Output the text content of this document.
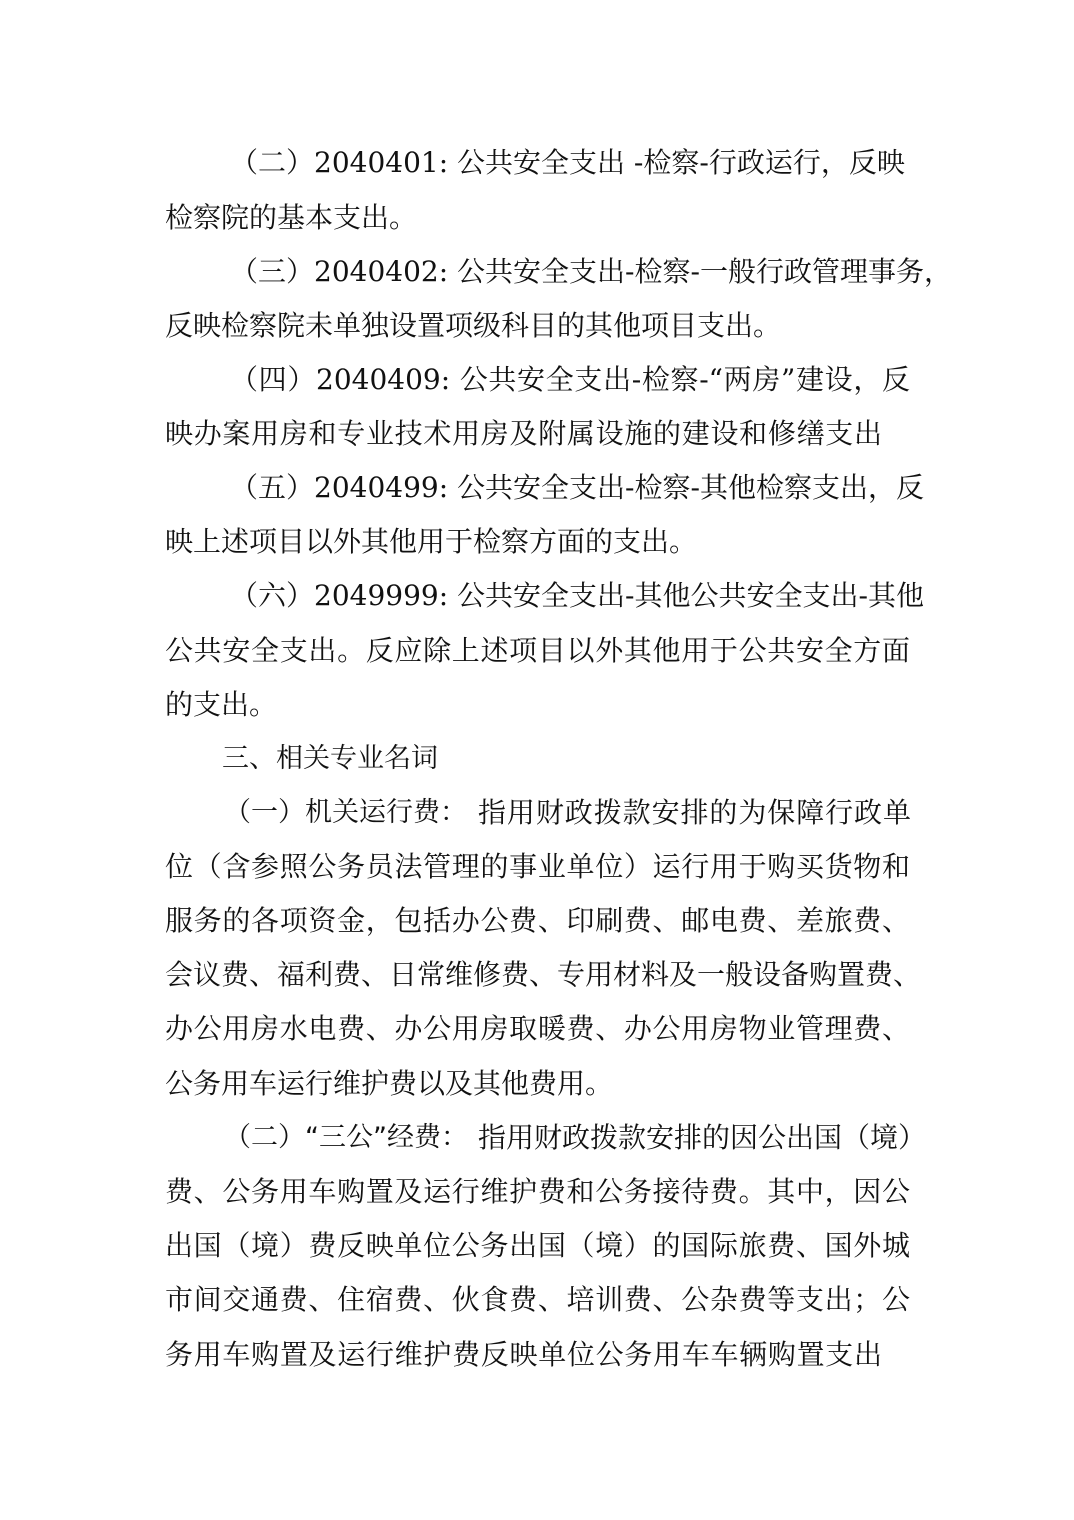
（二）2040401: 公共安全支出 -检察-行政运行，反映

检察院的基本支出。

（三）2040402: 公共安全支出-检察-一般行政管理事务，

反映检察院未单独设置项级科目的其他项目支出。

（四）2040409: 公共安全支出-检察-“两房”建设，反

映办案用房和专业技术用房及附属设施的建设和修缮支出

（五）2040499: 公共安全支出-检察-其他检察支出，反

映上述项目以外其他用于检察方面的支出。

（六）2049999: 公共安全支出-其他公共安全支出-其他

公共安全支出。反应除上述项目以外其他用于公共安全方面

的支出。

三、相关专业名词

（一）机关运行费： 指用财政拨款安排的为保障行政单

位（含参照公务员法管理的事业单位）运行用于购买货物和

服务的各项资金，包括办公费、印刷费、邮电费、差旅费、

会议费、福利费、日常维修费、专用材料及一般设备购置费、

办公用房水电费、办公用房取暖费、办公用房物业管理费、

公务用车运行维护费以及其他费用。

（二）“三公”经费： 指用财政拨款安排的因公出国（境）

费、公务用车购置及运行维护费和公务接待费。其中，因公

出国（境）费反映单位公务出国（境）的国际旅费、国外城

市间交通费、住宿费、伙食费、培训费、公杂费等支出；公

务用车购置及运行维护费反映单位公务用车车辆购置支出
